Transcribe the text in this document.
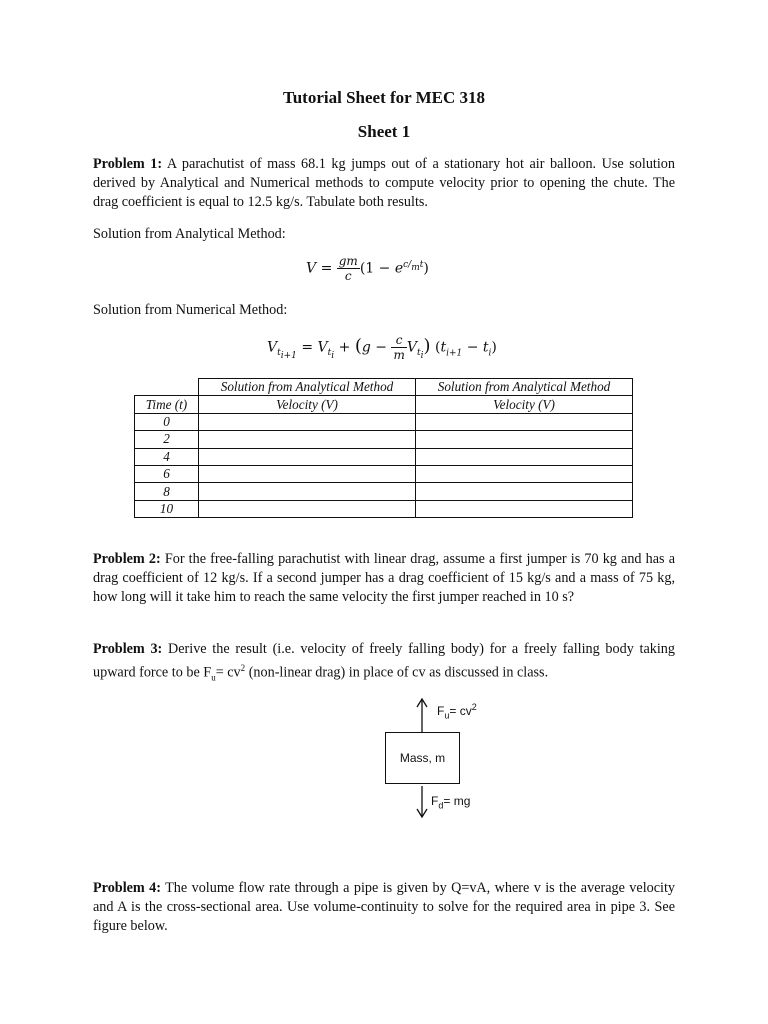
Tutorial Sheet for MEC 318
Sheet 1
Problem 1: A parachutist of mass 68.1 kg jumps out of a stationary hot air balloon. Use solution derived by Analytical and Numerical methods to compute velocity prior to opening the chute. The drag coefficient is equal to 12.5 kg/s. Tabulate both results.
Solution from Analytical Method:
$V = \frac{gm}{c} (1 - e^{c/_mt})$
Solution from Numerical Method:
$V_{t_{i+1}} = V_{t_i} + (g - \frac{c}{m} V_{t_i}) (t_{i+1} - t_i)$
	Solution from Analytical Method	Solution from Analytical Method
Time (t)	Velocity (V)	Velocity (V)
0		
2		
4		
6		
8		
10		
Problem 2: For the free-falling parachutist with linear drag, assume a first jumper is 70 kg and has a drag coefficient of 12 kg/s. If a second jumper has a drag coefficient of 15 kg/s and a mass of 75 kg, how long will it take him to reach the same velocity the first jumper reached in 10 s?
Problem 3: Derive the result (i.e. velocity of freely falling body) for a freely falling body taking upward force to be $F_u= cv^2$ (non-linear drag) in place of cv as discussed in class.
Mass, m
$F_u= cv^2$
$F_d=$ mg
Problem 4: The volume flow rate through a pipe is given by Q=vA, where v is the average velocity and A is the cross-sectional area. Use volume-continuity to solve for the required area in pipe 3. See figure below.
